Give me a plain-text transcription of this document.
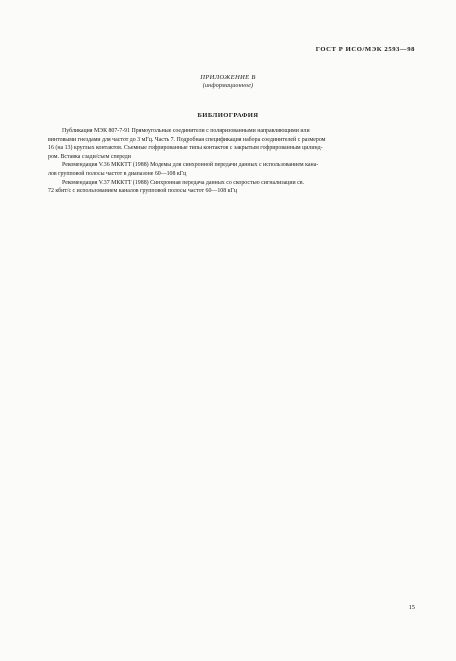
ГОСТ Р ИСО/МЭК 2593—98
ПРИЛОЖЕНИЕ В
(информационное)
БИБЛИОГРАФИЯ
Публикация МЭК 807-7-91 Прямоугольные соединители с поляризованными направляющими или
винтовыми гнездами для частот до 3 мГц. Часть 7. Подробная спецификация набора соединителей с размером
16 (на 13) круглых контактов. Съемные гофрированные типы контактов с закрытым гофрированным цилинд-
ром. Вставка сзади/съем спереди
Рекомендация V.36 МККТТ (1988) Модемы для синхронной передачи данных с использованием кана-
лов групповой полосы частот в диапазоне 60—108 кГц
Рекомендация V.37 МККТТ (1988) Синхронная передача данных со скоростью сигнализации св.
72 кбит/с с использованием каналов групповой полосы частот 60—108 кГц
15
